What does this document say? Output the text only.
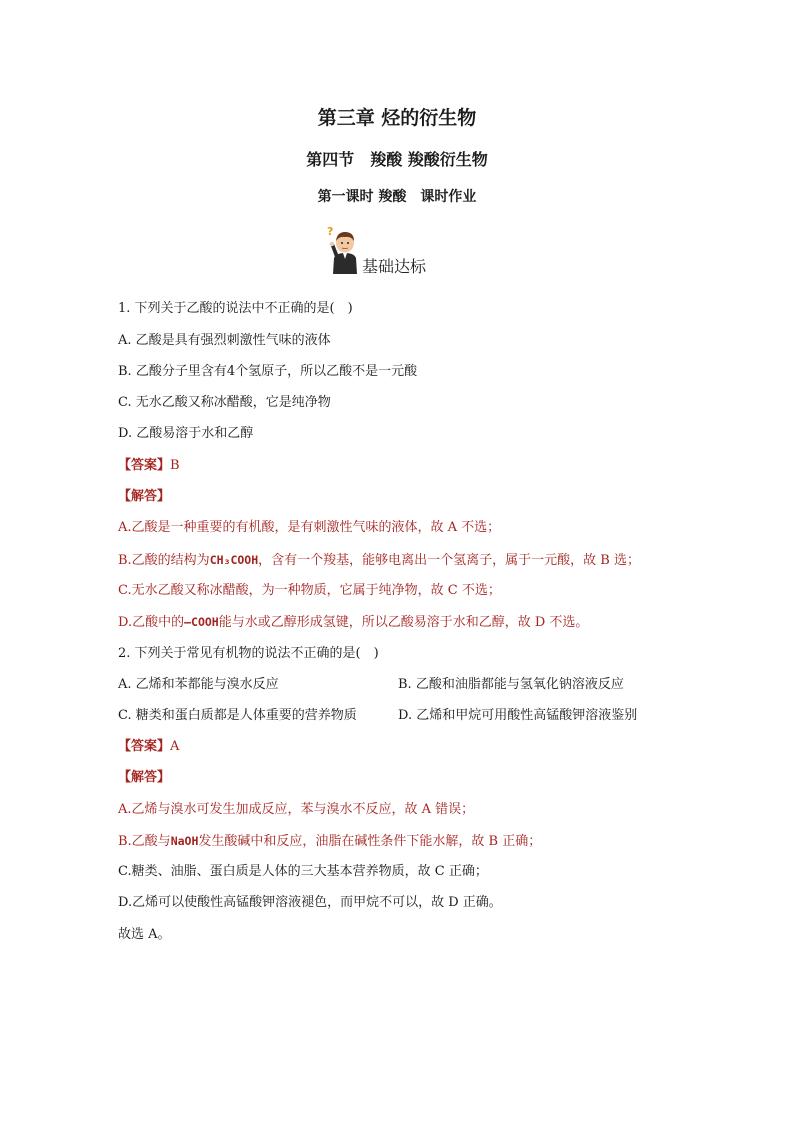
第三章 烃的衍生物
第四节　羧酸 羧酸衍生物
第一课时 羧酸　课时作业
?
基础达标
1. 下列关于乙酸的说法中不正确的是(　)
A. 乙酸是具有强烈刺激性气味的液体
B. 乙酸分子里含有4个氢原子，所以乙酸不是一元酸
C. 无水乙酸又称冰醋酸，它是纯净物
D. 乙酸易溶于水和乙醇
【答案】B
【解答】
A.乙酸是一种重要的有机酸，是有刺激性气味的液体，故 A 不选；
B.乙酸的结构为CH₃COOH，含有一个羧基，能够电离出一个氢离子，属于一元酸，故 B 选；
C.无水乙酸又称冰醋酸，为一种物质，它属于纯净物，故 C 不选；
D.乙酸中的–COOH能与水或乙醇形成氢键，所以乙酸易溶于水和乙醇，故 D 不选。
2. 下列关于常见有机物的说法不正确的是(　)
A. 乙烯和苯都能与溴水反应	B. 乙酸和油脂都能与氢氧化钠溶液反应
C. 糖类和蛋白质都是人体重要的营养物质	D. 乙烯和甲烷可用酸性高锰酸钾溶液鉴别
【答案】A
【解答】
A.乙烯与溴水可发生加成反应，苯与溴水不反应，故 A 错误；
B.乙酸与NaOH发生酸碱中和反应，油脂在碱性条件下能水解，故 B 正确；
C.糖类、油脂、蛋白质是人体的三大基本营养物质，故 C 正确；
D.乙烯可以使酸性高锰酸钾溶液褪色，而甲烷不可以，故 D 正确。
故选 A。
